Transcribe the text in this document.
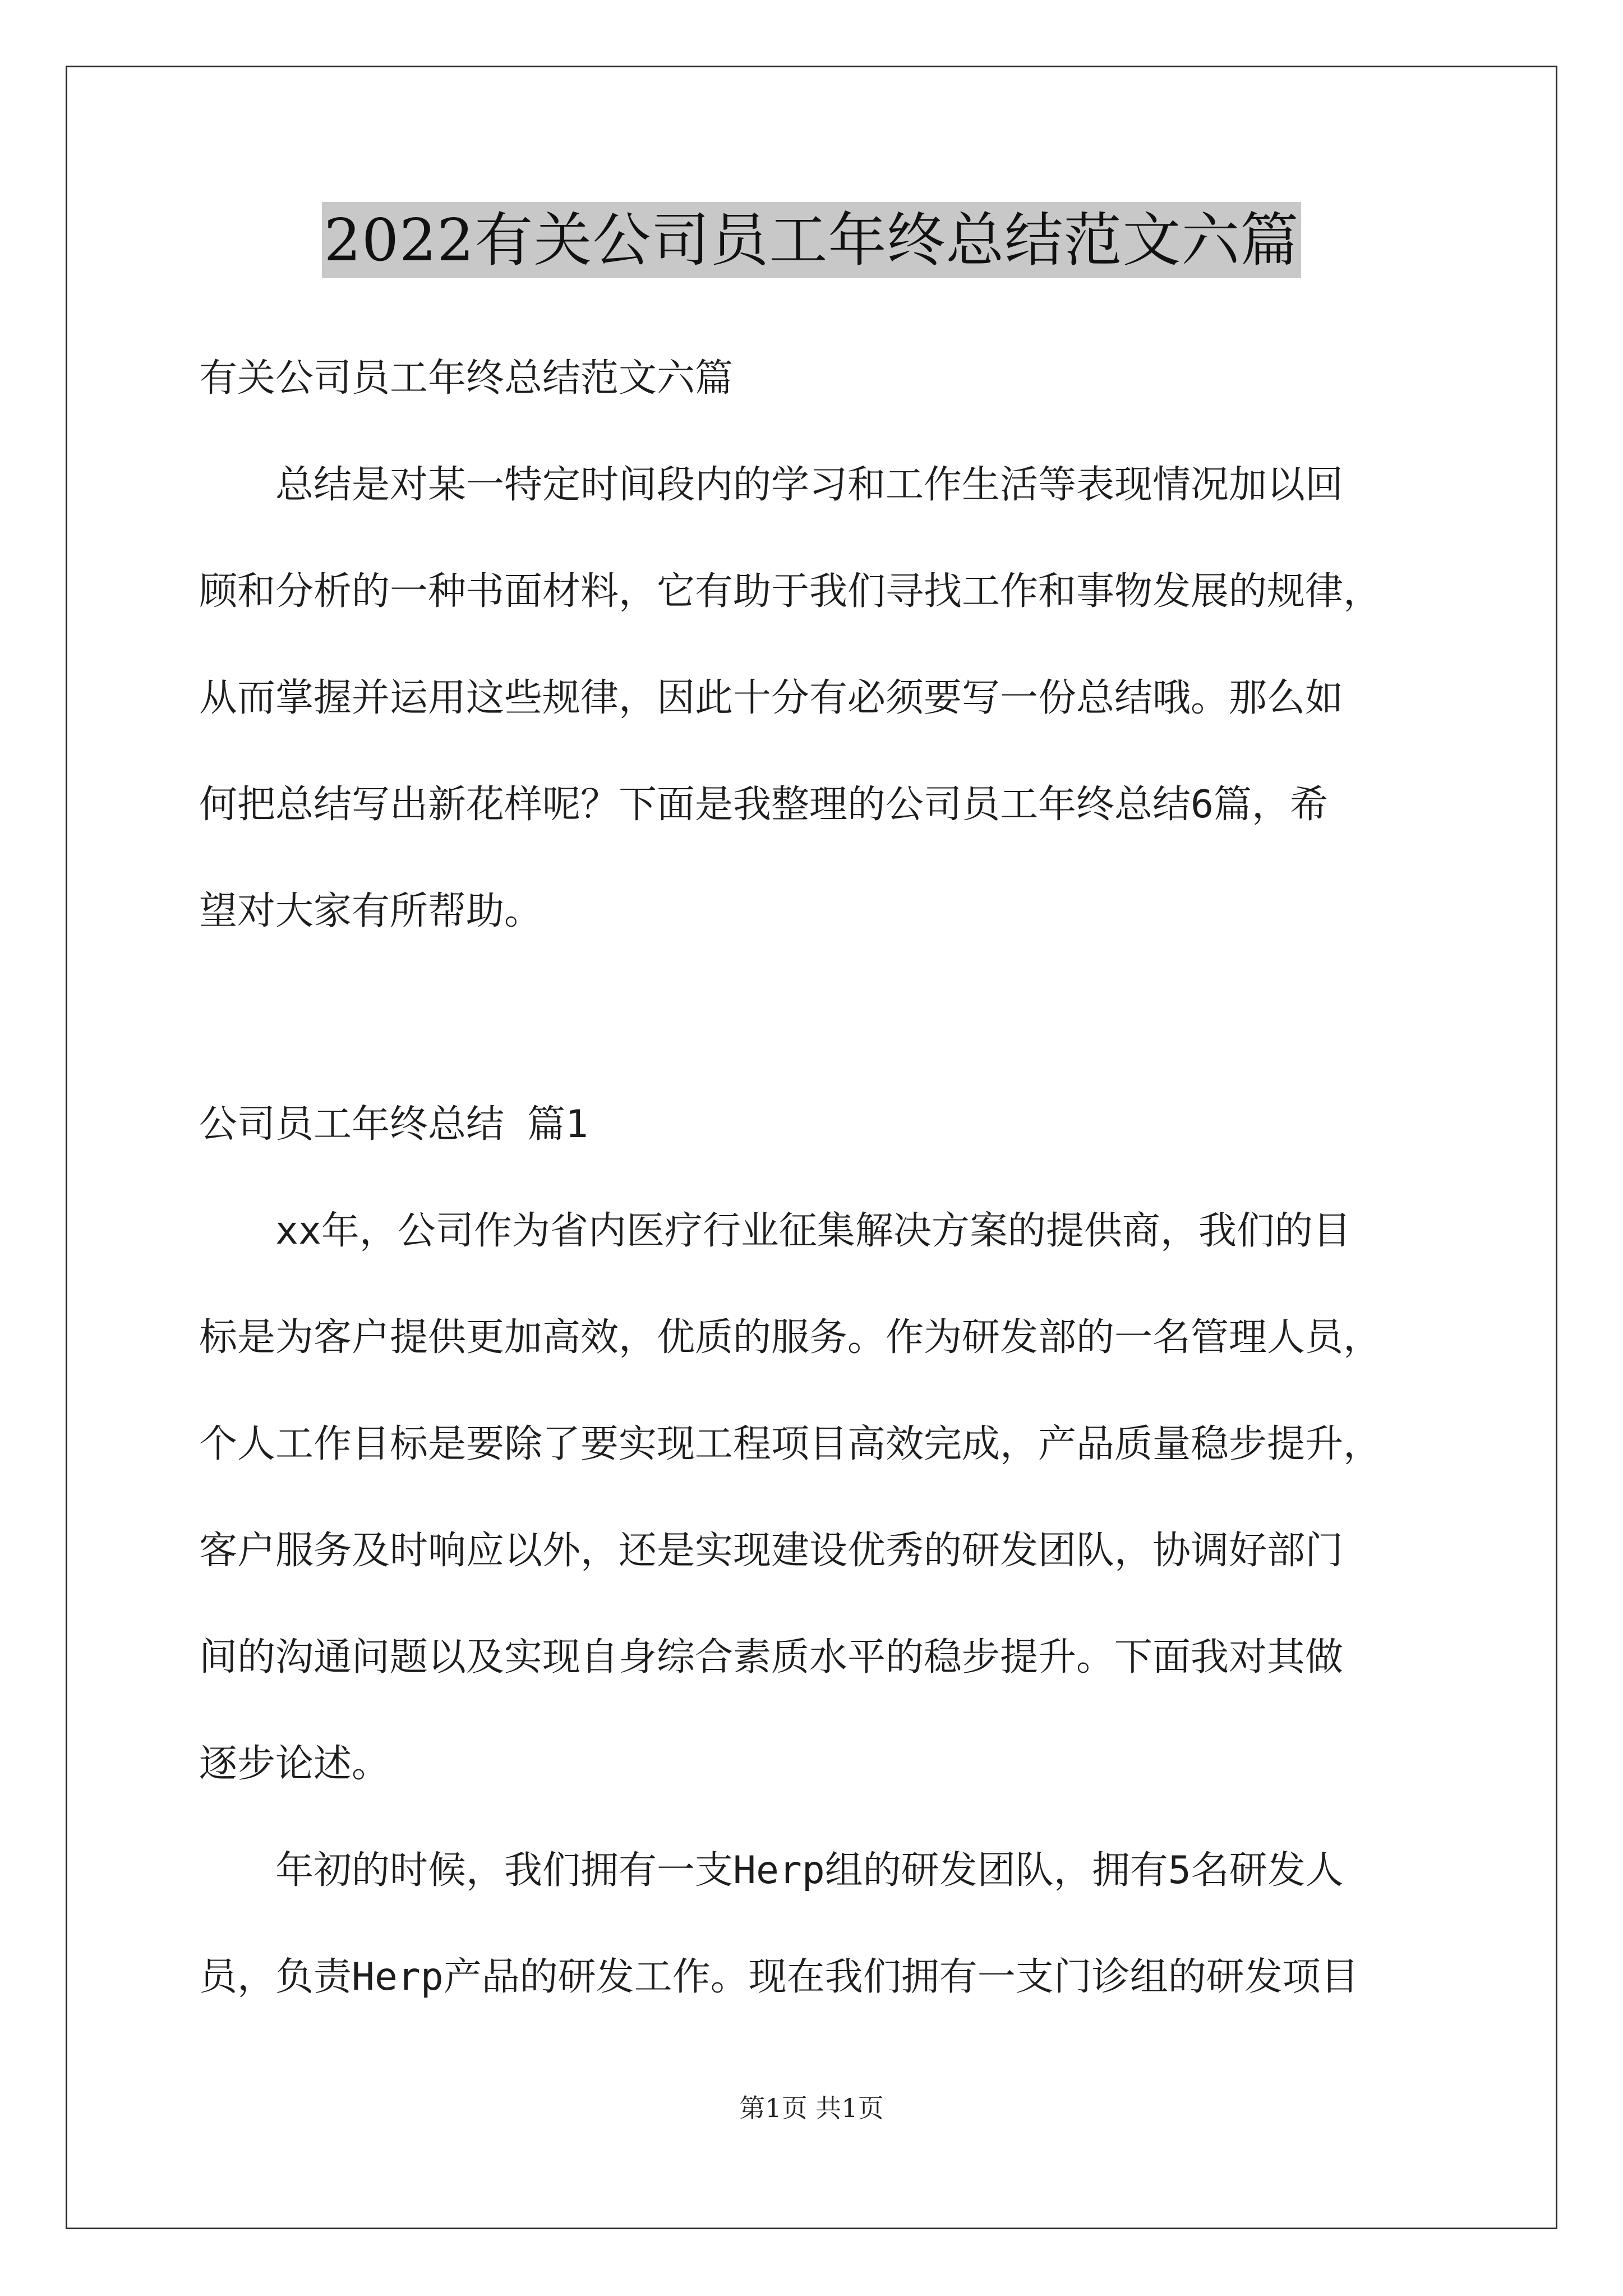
2022有关公司员工年终总结范文六篇
有关公司员工年终总结范文六篇
总结是对某一特定时间段内的学习和工作生活等表现情况加以回
顾和分析的一种书面材料，它有助于我们寻找工作和事物发展的规律，
从而掌握并运用这些规律，因此十分有必须要写一份总结哦。那么如
何把总结写出新花样呢？下面是我整理的公司员工年终总结6篇，希
望对大家有所帮助。
公司员工年终总结 篇1
xx年，公司作为省内医疗行业征集解决方案的提供商，我们的目
标是为客户提供更加高效，优质的服务。作为研发部的一名管理人员，
个人工作目标是要除了要实现工程项目高效完成，产品质量稳步提升，
客户服务及时响应以外，还是实现建设优秀的研发团队，协调好部门
间的沟通问题以及实现自身综合素质水平的稳步提升。下面我对其做
逐步论述。
年初的时候，我们拥有一支Herp组的研发团队，拥有5名研发人
员，负责Herp产品的研发工作。现在我们拥有一支门诊组的研发项目
第1页 共1页
